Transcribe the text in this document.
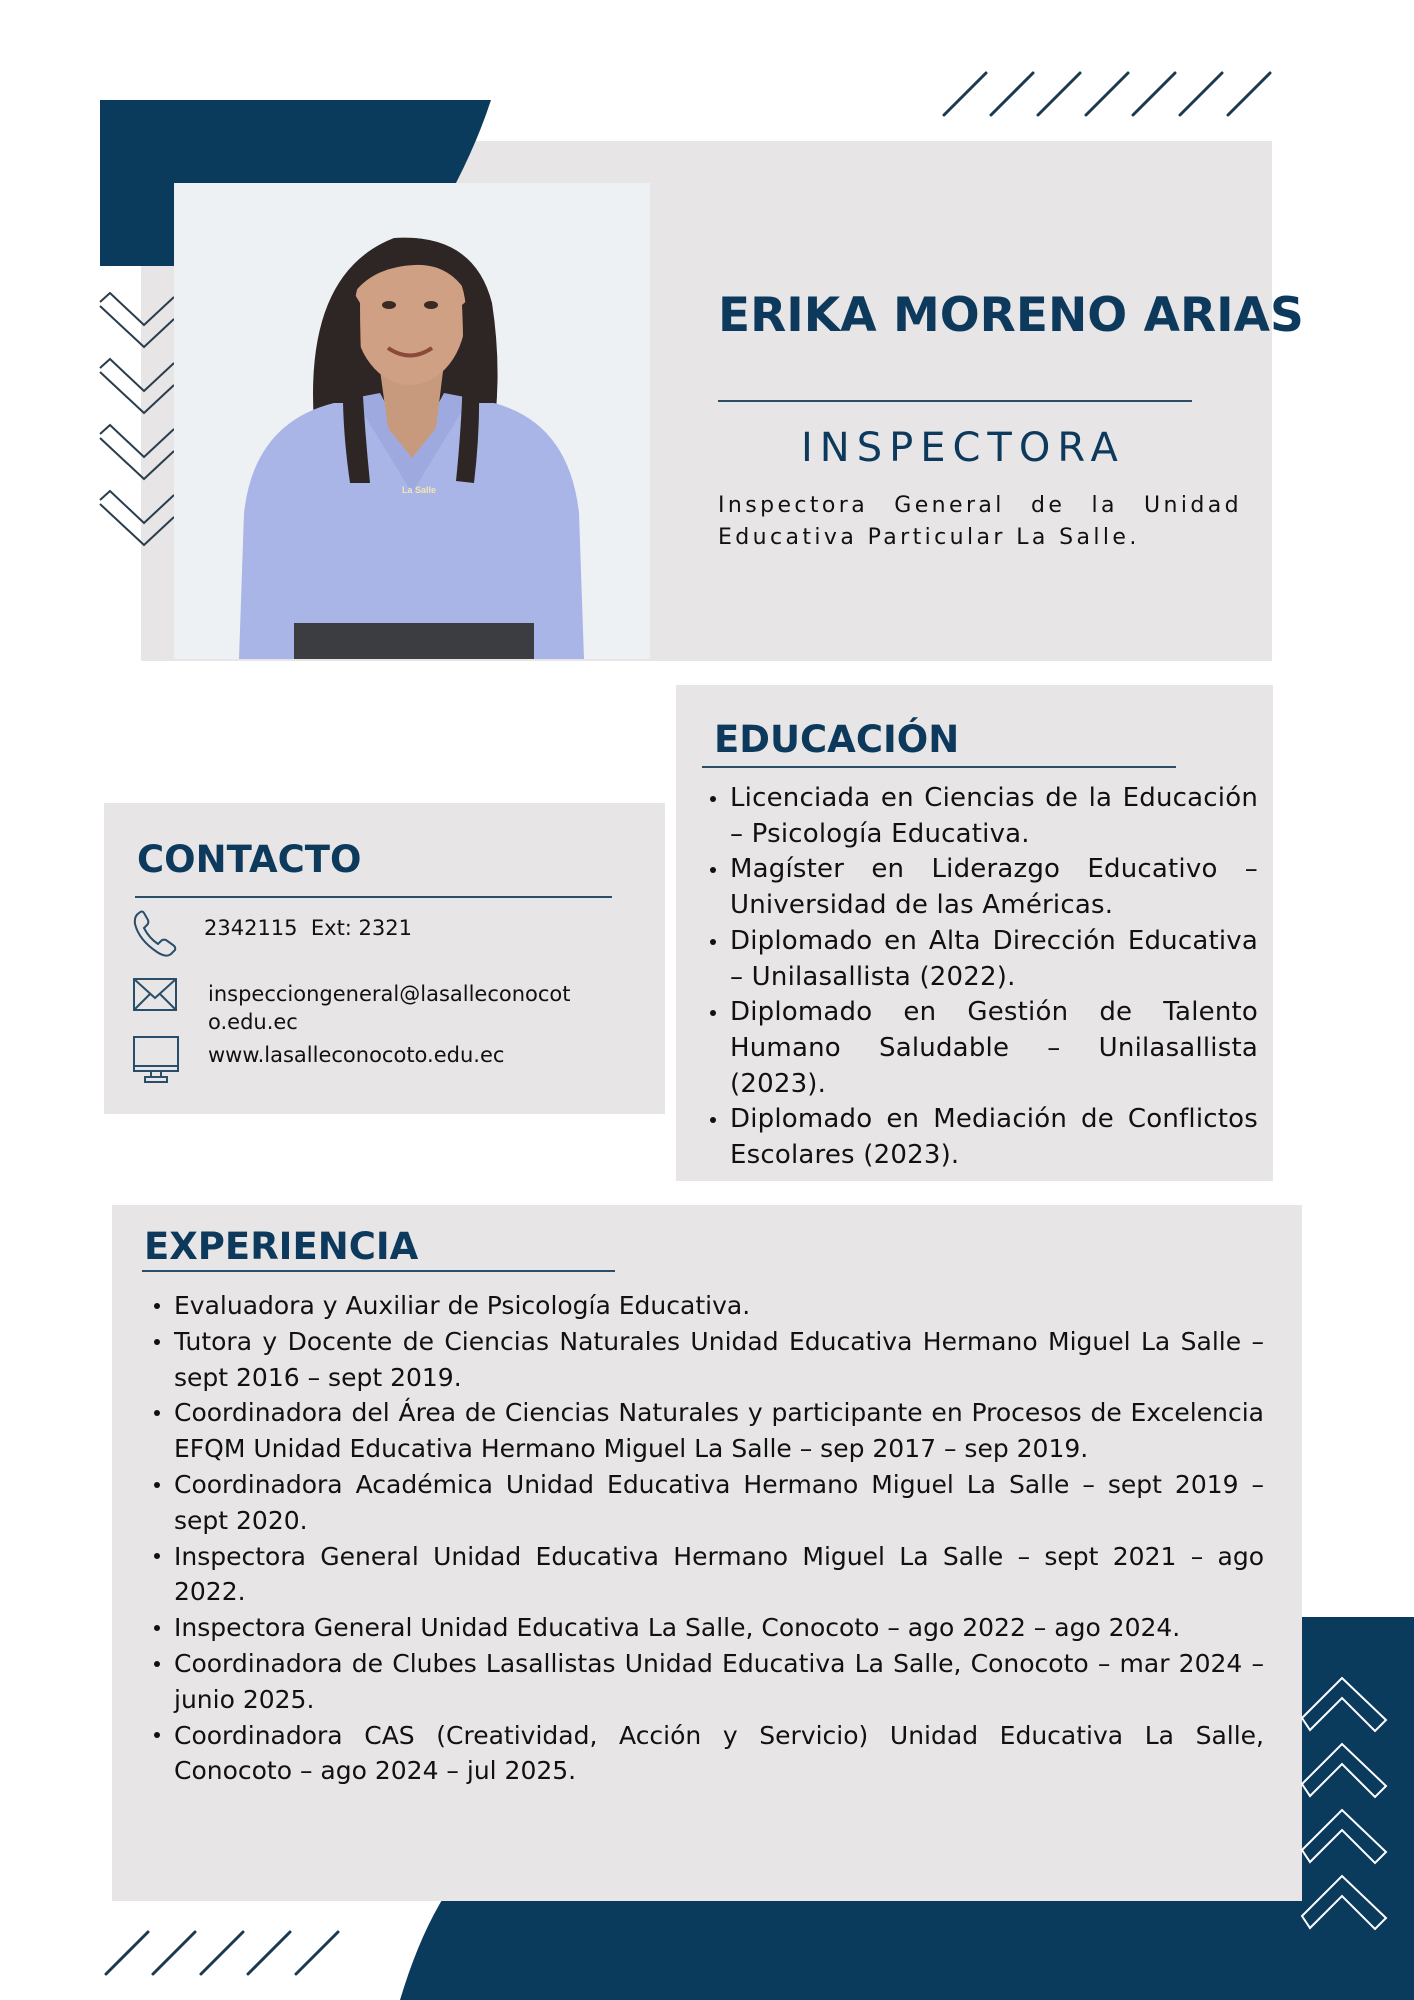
La Salle
ERIKA MORENO ARIAS
INSPECTORA
Inspectora General de la Unidad Educativa Particular La Salle.
EDUCACIÓN
Licenciada en Ciencias de la Educación – Psicología Educativa.
Magíster en Liderazgo Educativo – Universidad de las Américas.
Diplomado en Alta Dirección Educativa – Unilasallista (2022).
Diplomado en Gestión de Talento Humano Saludable – Unilasallista (2023).
Diplomado en Mediación de Conflictos Escolares (2023).
CONTACTO
2342115  Ext: 2321
inspecciongeneral@lasalleconocot
o.edu.ec
www.lasalleconocoto.edu.ec
EXPERIENCIA
Evaluadora y Auxiliar de Psicología Educativa.
Tutora y Docente de Ciencias Naturales Unidad Educativa Hermano Miguel La Salle – sept 2016 – sept 2019.
Coordinadora del Área de Ciencias Naturales y participante en Procesos de Excelencia EFQM Unidad Educativa Hermano Miguel La Salle – sep 2017 – sep 2019.
Coordinadora Académica Unidad Educativa Hermano Miguel La Salle – sept 2019 – sept 2020.
Inspectora General Unidad Educativa Hermano Miguel La Salle – sept 2021 – ago 2022.
Inspectora General Unidad Educativa La Salle, Conocoto – ago 2022 – ago 2024.
Coordinadora de Clubes Lasallistas Unidad Educativa La Salle, Conocoto – mar 2024 – junio 2025.
Coordinadora CAS (Creatividad, Acción y Servicio) Unidad Educativa La Salle, Conocoto – ago 2024 – jul 2025.
